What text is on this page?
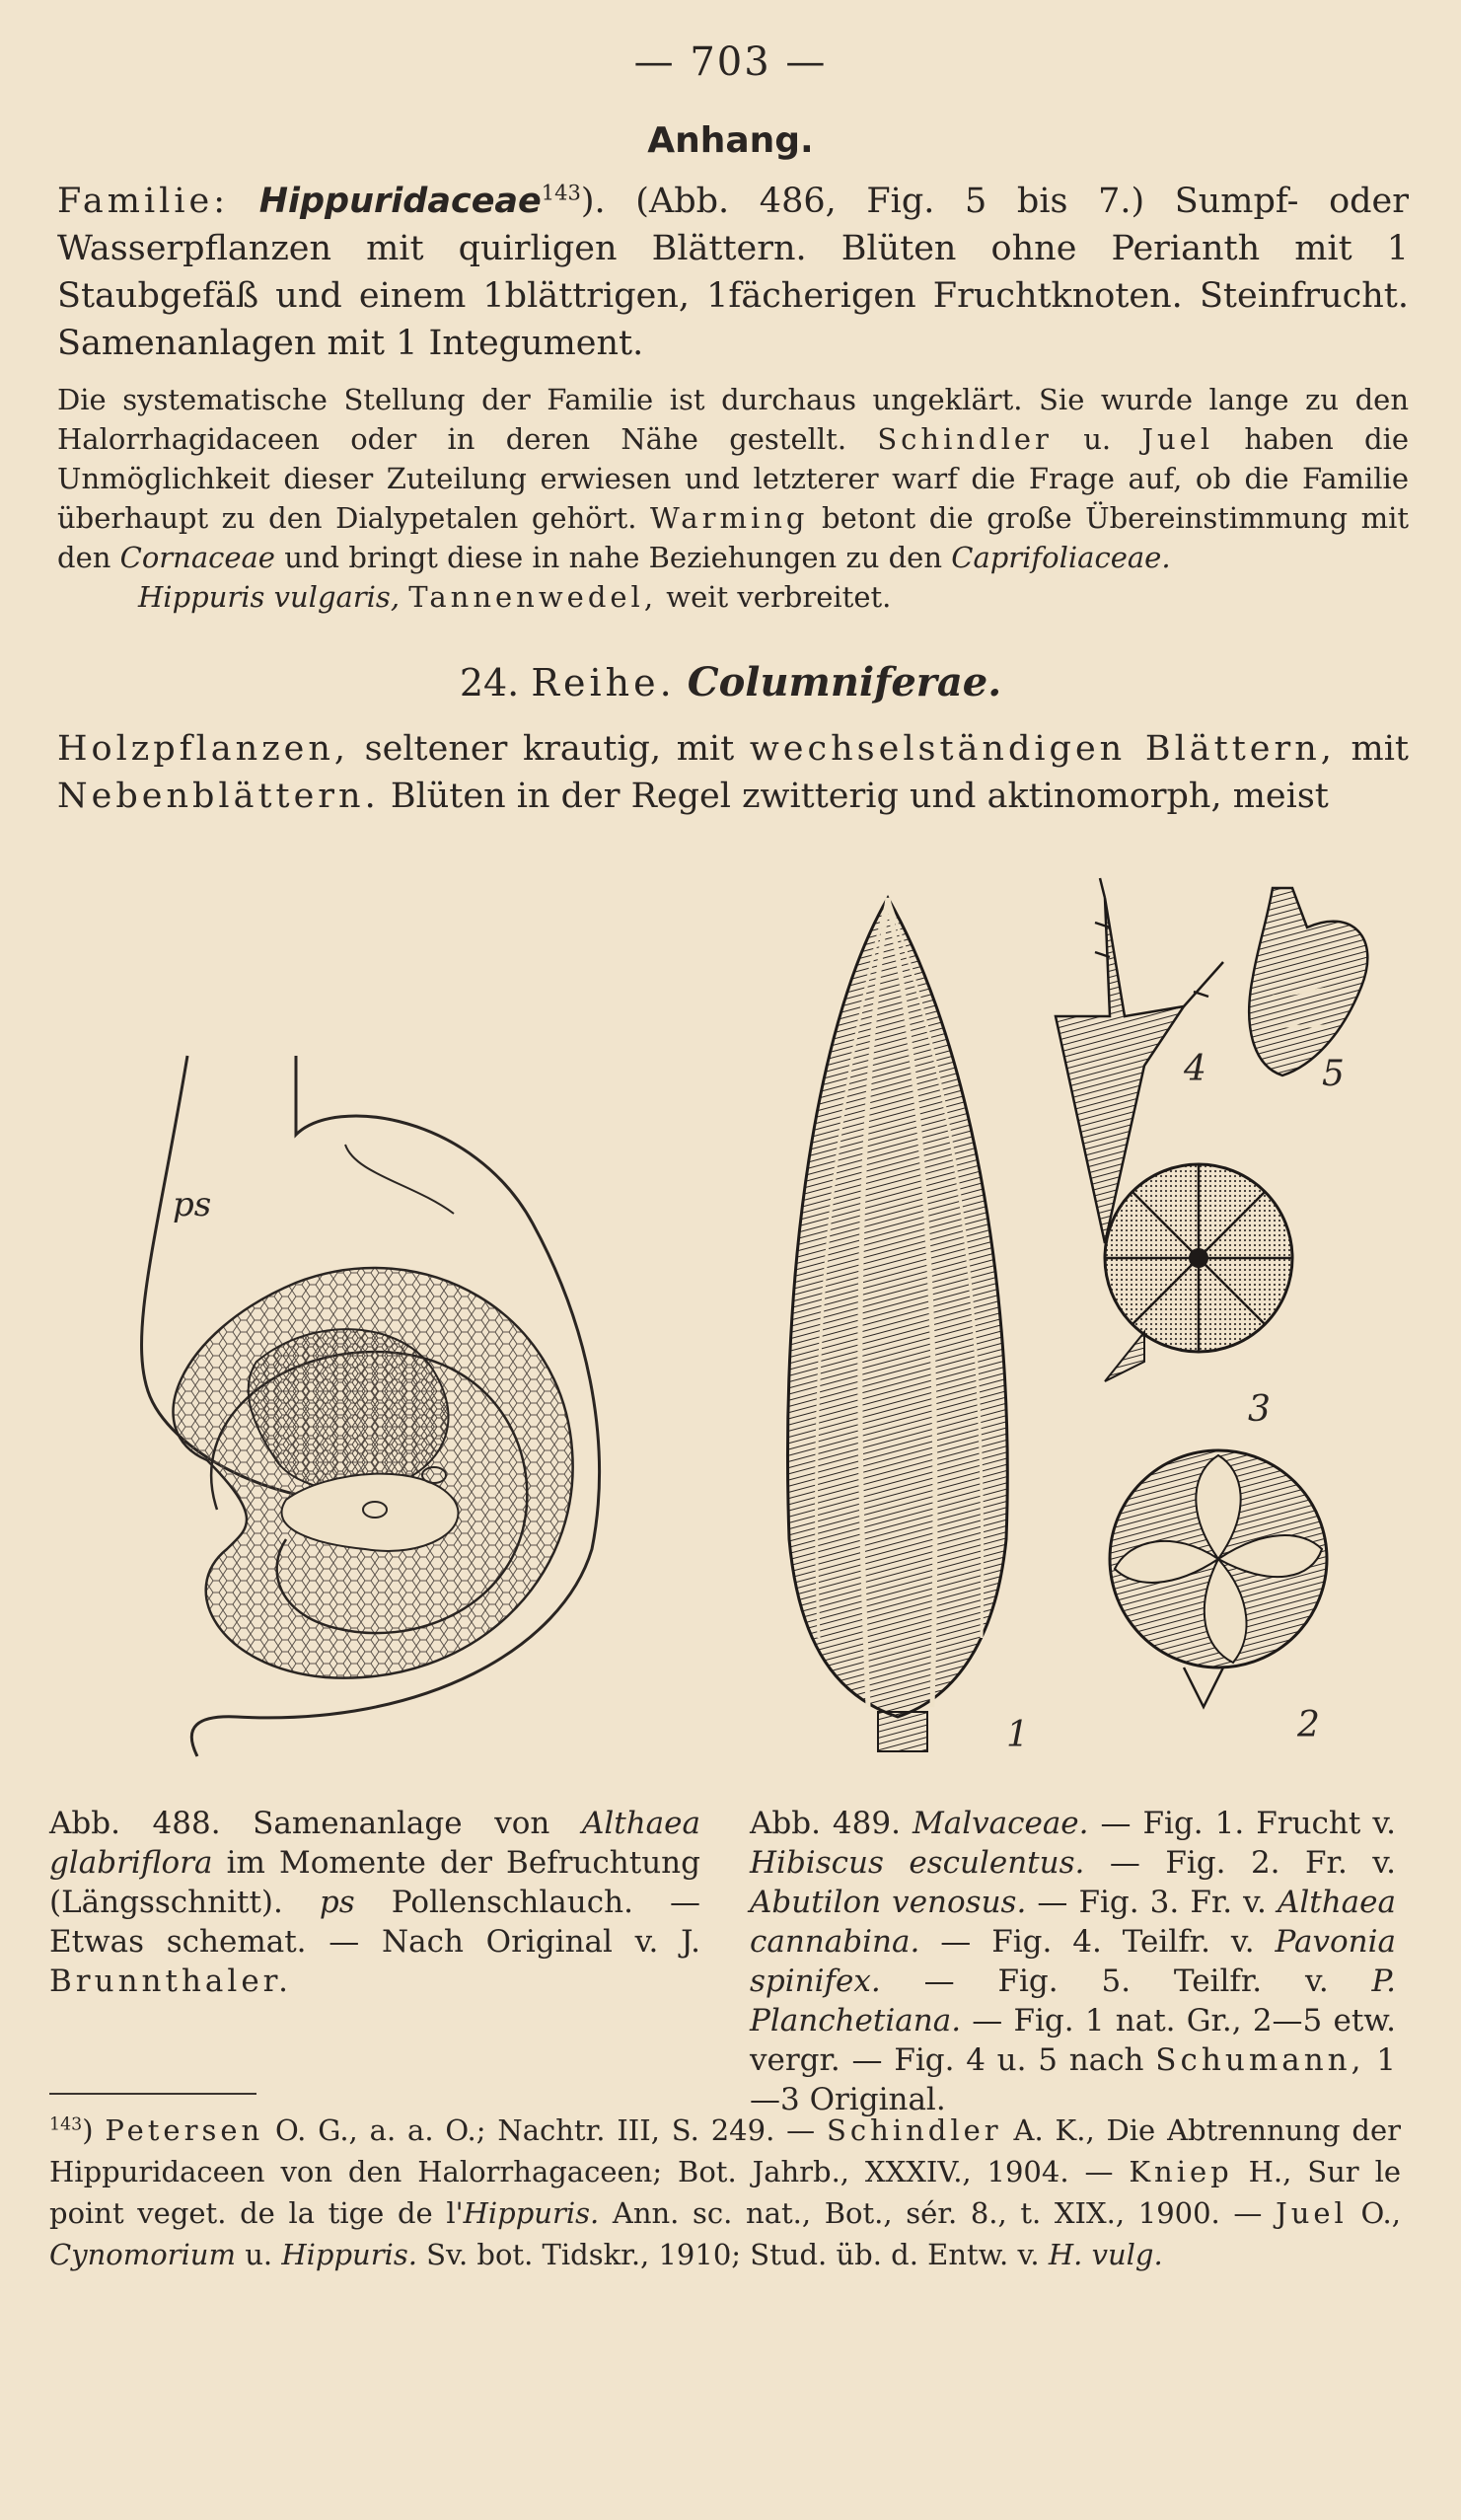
— 703 —
Anhang.
Familie: Hippuridaceae$^{143}$). (Abb. 486, Fig. 5 bis 7.) Sumpf- oder Wasserpflanzen mit quirligen Blättern. Blüten ohne Perianth mit 1 Staubgefäß und einem 1blättrigen, 1fächerigen Fruchtknoten. Steinfrucht. Samenanlagen mit 1 Integument.
Die systematische Stellung der Familie ist durchaus ungeklärt. Sie wurde lange zu den Halorrhagidaceen oder in deren Nähe gestellt. Schindler u. Juel haben die Unmöglichkeit dieser Zuteilung erwiesen und letzterer warf die Frage auf, ob die Familie überhaupt zu den Dialypetalen gehört. Warming betont die große Übereinstimmung mit den Cornaceae und bringt diese in nahe Beziehungen zu den Caprifoliaceae.
Hippuris vulgaris, Tannenwedel, weit verbreitet.
24. Reihe. Columniferae.
Holzpflanzen, seltener krautig, mit wechselständigen Blättern, mit Nebenblättern. Blüten in der Regel zwitterig und aktinomorph, meist
ps
1
4	5
3
2
Abb. 488. Samenanlage von Althaea glabriflora im Momente der Befruchtung (Längsschnitt). ps Pollenschlauch. — Etwas schemat. — Nach Original v. J. Brunnthaler.
Abb. 489. Malvaceae. — Fig. 1. Frucht v. Hibiscus esculentus. — Fig. 2. Fr. v. Abutilon venosus. — Fig. 3. Fr. v. Althaea cannabina. — Fig. 4. Teilfr. v. Pavonia spinifex. — Fig. 5. Teilfr. v. P. Planchetiana. — Fig. 1 nat. Gr., 2—5 etw. vergr. — Fig. 4 u. 5 nach Schumann, 1—3 Original.
$^{143}$) Petersen O. G., a. a. O.; Nachtr. III, S. 249. — Schindler A. K., Die Abtrennung der Hippuridaceen von den Halorrhagaceen; Bot. Jahrb., XXXIV., 1904. — Kniep H., Sur le point veget. de la tige de l'Hippuris. Ann. sc. nat., Bot., sér. 8., t. XIX., 1900. — Juel O., Cynomorium u. Hippuris. Sv. bot. Tidskr., 1910; Stud. üb. d. Entw. v. H. vulg.
